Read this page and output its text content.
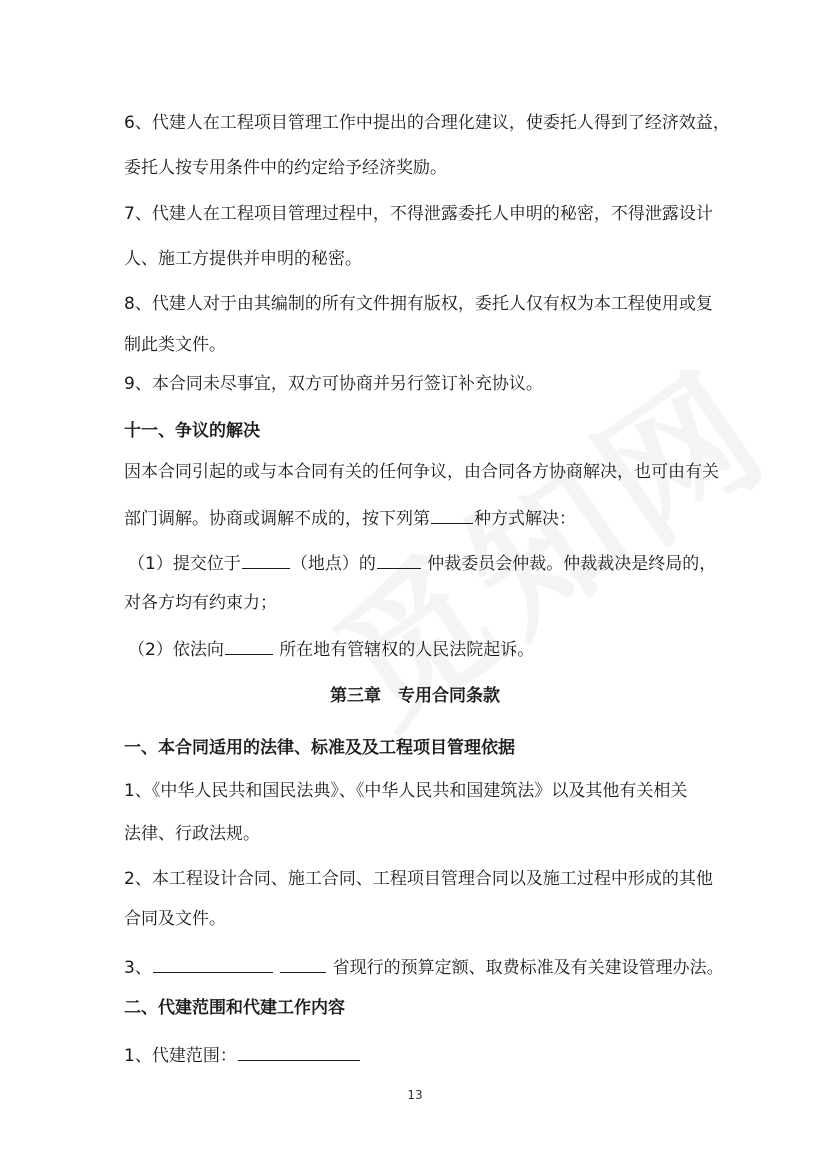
6、代建人在工程项目管理工作中提出的合理化建议，使委托人得到了经济效益，
委托人按专用条件中的约定给予经济奖励。
7、代建人在工程项目管理过程中，不得泄露委托人申明的秘密，不得泄露设计
人、施工方提供并申明的秘密。
8、代建人对于由其编制的所有文件拥有版权，委托人仅有权为本工程使用或复
制此类文件。
9、本合同未尽事宜，双方可协商并另行签订补充协议。
十一、争议的解决
因本合同引起的或与本合同有关的任何争议，由合同各方协商解决，也可由有关
部门调解。协商或调解不成的，按下列第	种方式解决：
（1）提交位于	（地点）的	仲裁委员会仲裁。仲裁裁决是终局的，
对各方均有约束力；
（2）依法向	所在地有管辖权的人民法院起诉。
第三章　专用合同条款
一、本合同适用的法律、标准及及工程项目管理依据
1、《中华人民共和国民法典》、《中华人民共和国建筑法》以及其他有关相关
法律、行政法规。
2、本工程设计合同、施工合同、工程项目管理合同以及施工过程中形成的其他
合同及文件。
3、	省现行的预算定额、取费标准及有关建设管理办法。
二、代建范围和代建工作内容
1、代建范围：
13
